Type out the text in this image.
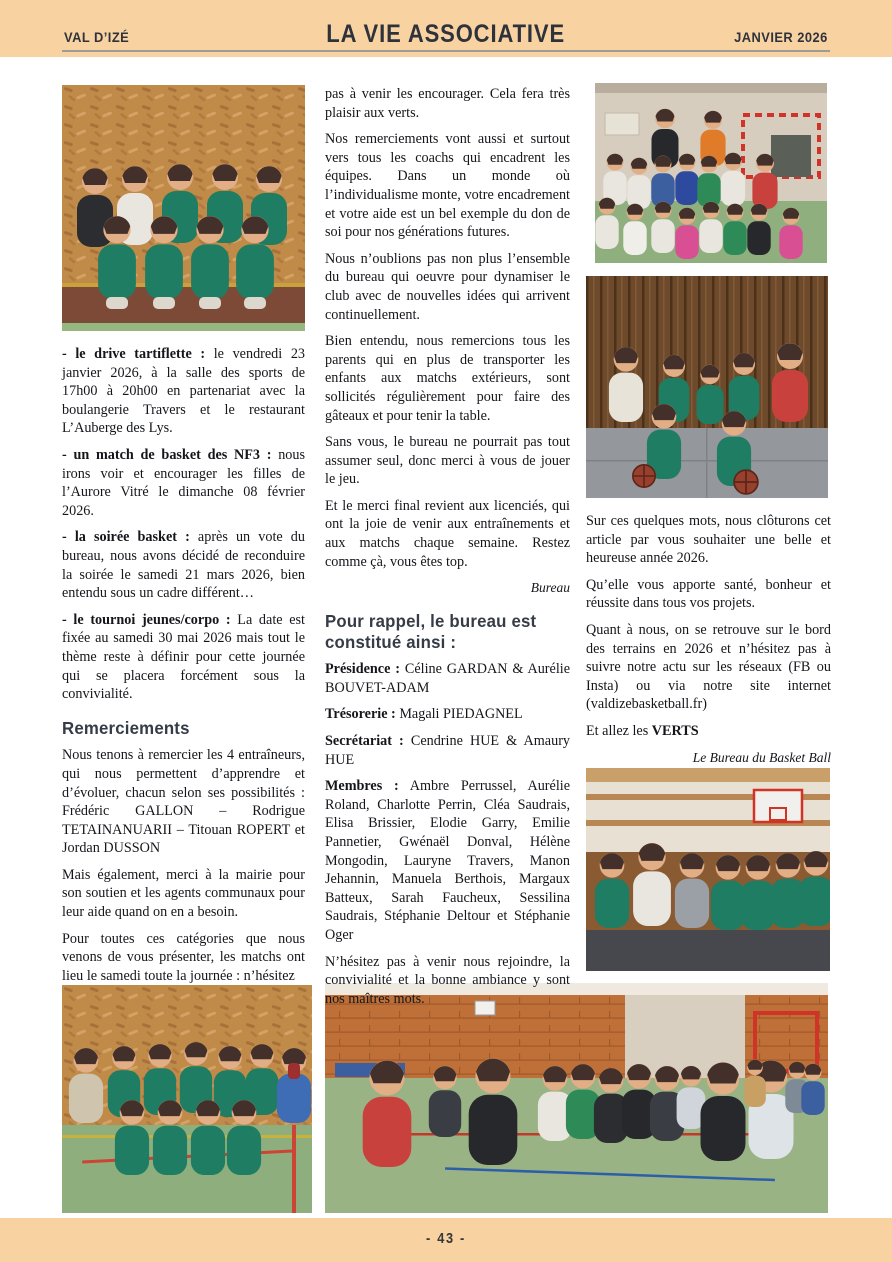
VAL D’IZÉ	LA VIE ASSOCIATIVE	JANVIER 2026

- le drive tartiflette : le vendredi 23 janvier 2026, à la salle des sports de 17h00 à 20h00 en partenariat avec la boulangerie Travers et le restaurant L’Auberge des Lys.

- un match de basket des NF3 : nous irons voir et encourager les filles de l’Aurore Vitré le dimanche 08 février 2026.

- la soirée basket : après un vote du bureau, nous avons décidé de reconduire la soirée le samedi 21 mars 2026, bien entendu sous un cadre différent…

- le tournoi jeunes/corpo : La date est fixée au samedi 30 mai 2026 mais tout le thème reste à définir pour cette journée qui se placera forcément sous la convivialité.

Remerciements

Nous tenons à remercier les 4 entraîneurs, qui nous permettent d’apprendre et d’évoluer, chacun selon ses possibilités : Frédéric GALLON – Rodrigue TETAINANUARII – Titouan ROPERT et Jordan DUSSON

Mais également, merci à la mairie pour son soutien et les agents communaux pour leur aide quand on en a besoin.

Pour toutes ces catégories que nous venons de vous présenter, les matchs ont lieu le samedi toute la journée : n’hésitez

pas à venir les encourager. Cela fera très plaisir aux verts.

Nos remerciements vont aussi et surtout vers tous les coachs qui encadrent les équipes. Dans un monde où l’individualisme monte, votre encadrement et votre aide est un bel exemple du don de soi pour nos générations futures.

Nous n’oublions pas non plus l’ensemble du bureau qui oeuvre pour dynamiser le club avec de nouvelles idées qui arrivent continuellement.

Bien entendu, nous remercions tous les parents qui en plus de transporter les enfants aux matchs extérieurs, sont sollicités régulièrement pour faire des gâteaux et pour tenir la table.

Sans vous, le bureau ne pourrait pas tout assumer seul, donc merci à vous de jouer le jeu.

Et le merci final revient aux licenciés, qui ont la joie de venir aux entraînements et aux matchs chaque semaine. Restez comme çà, vous êtes top.

Bureau

Pour rappel, le bureau est constitué ainsi :

Présidence : Céline GARDAN & Aurélie BOUVET-ADAM

Trésorerie : Magali PIEDAGNEL

Secrétariat : Cendrine HUE & Amaury HUE

Membres : Ambre Perrussel, Aurélie Roland, Charlotte Perrin, Cléa Saudrais, Elisa Brissier, Elodie Garry, Emilie Pannetier, Gwénaël Donval, Hélène Mongodin, Lauryne Travers, Manon Jehannin, Manuela Berthois, Margaux Batteux, Sarah Faucheux, Sessilina Saudrais, Stéphanie Deltour et Stéphanie Oger

N’hésitez pas à venir nous rejoindre, la convivialité et la bonne ambiance y sont nos maîtres mots.

Sur ces quelques mots, nous clôturons cet article par vous souhaiter une belle et heureuse année 2026.

Qu’elle vous apporte santé, bonheur et réussite dans tous vos projets.

Quant à nous, on se retrouve sur le bord des terrains en 2026 et n’hésitez pas à suivre notre actu sur les réseaux (FB ou Insta) ou via notre site internet (valdizebasketball.fr)

Et allez les VERTS

Le Bureau du Basket Ball

- 43 -
